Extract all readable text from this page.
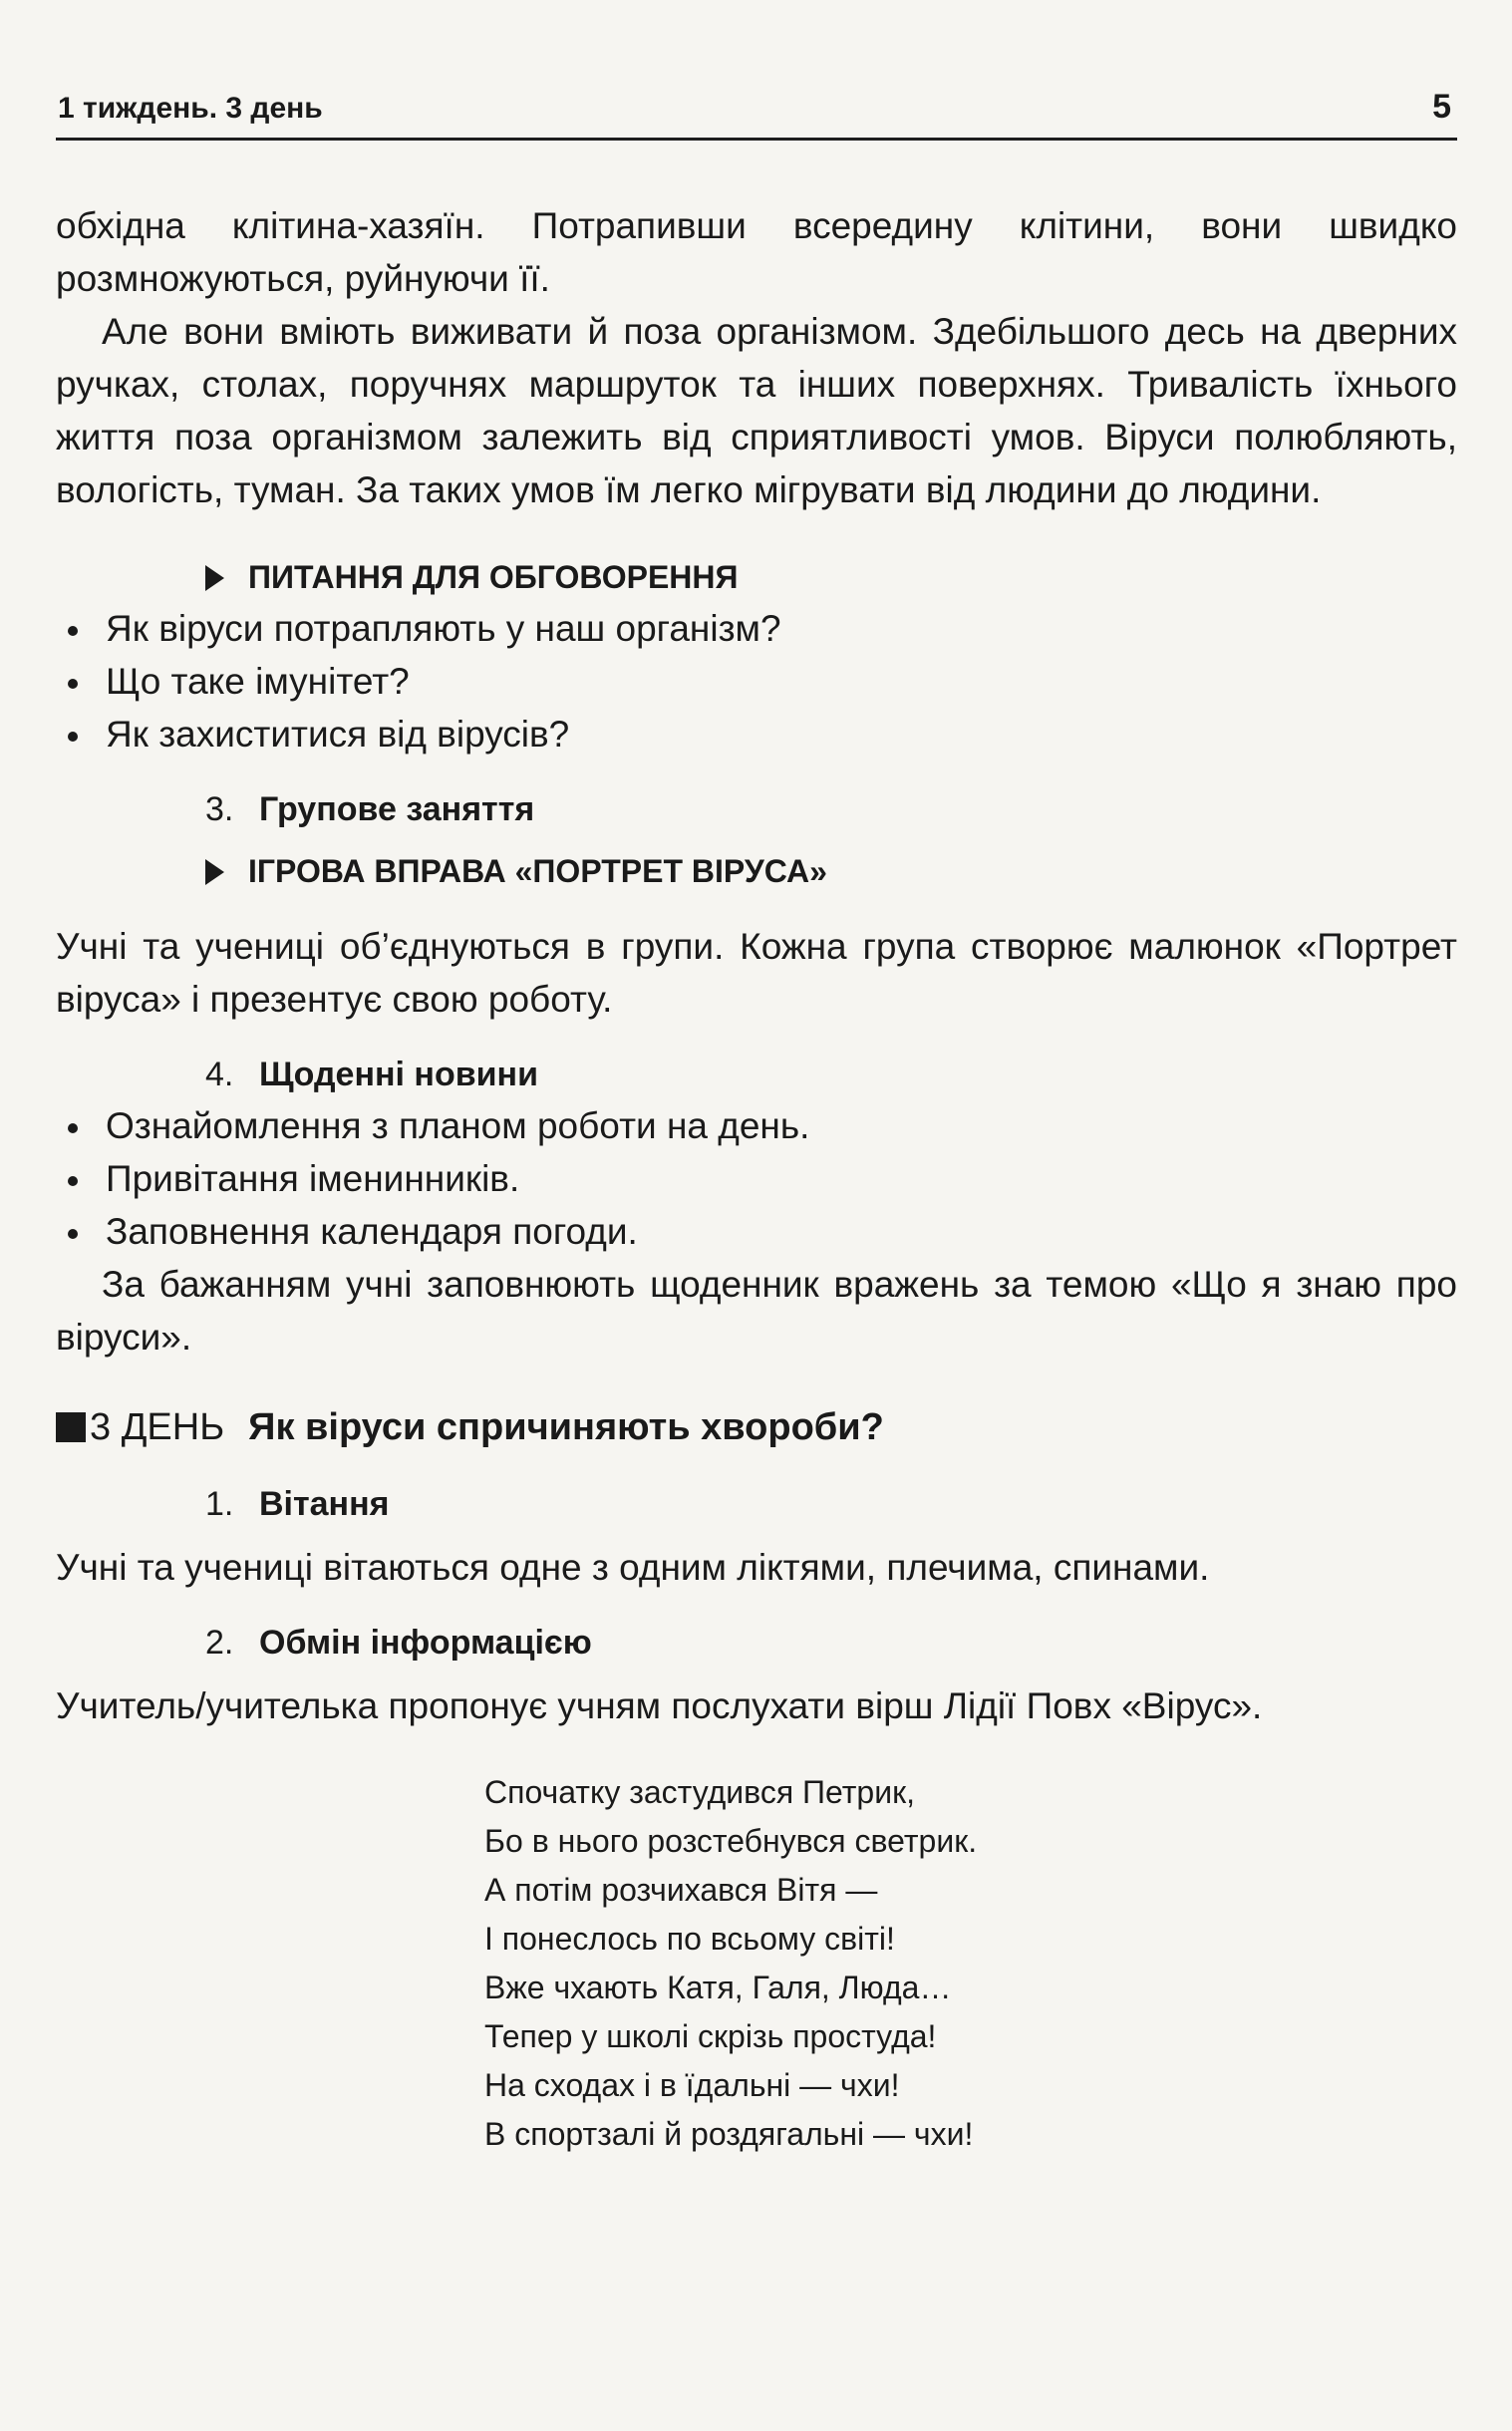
1 тиждень. 3 день	5

обхідна клітина-хазяїн. Потрапивши всередину клітини, вони швидко розмножуються, руйнуючи її.

Але вони вміють виживати й поза організмом. Здебільшого десь на дверних ручках, столах, поручнях маршруток та інших поверхнях. Тривалість їхнього життя поза організмом залежить від сприятливості умов. Віруси полюбляють, вологість, туман. За таких умов їм легко мігрувати від людини до людини.

ПИТАННЯ ДЛЯ ОБГОВОРЕННЯ
Як віруси потрапляють у наш організм?
Що таке імунітет?
Як захиститися від вірусів?
3. Групове заняття
ІГРОВА ВПРАВА «ПОРТРЕТ ВІРУСА»

Учні та учениці об’єднуються в групи. Кожна група створює малюнок «Портрет віруса» і презентує свою роботу.

4. Щоденні новини
Ознайомлення з планом роботи на день.
Привітання іменинників.
Заповнення календаря погоди.

За бажанням учні заповнюють щоденник вражень за темою «Що я знаю про віруси».

3 ДЕНЬ Як віруси спричиняють хвороби?
1. Вітання

Учні та учениці вітаються одне з одним ліктями, плечима, спинами.

2. Обмін інформацією

Учитель/учителька пропонує учням послухати вірш Лідії Повх «Вірус».

Спочатку застудився Петрик,
Бо в нього розстебнувся светрик.
А потім розчихався Вітя —
І понеслось по всьому світі!
Вже чхають Катя, Галя, Люда…
Тепер у школі скрізь простуда!
На сходах і в їдальні — чхи!
В спортзалі й роздягальні — чхи!
